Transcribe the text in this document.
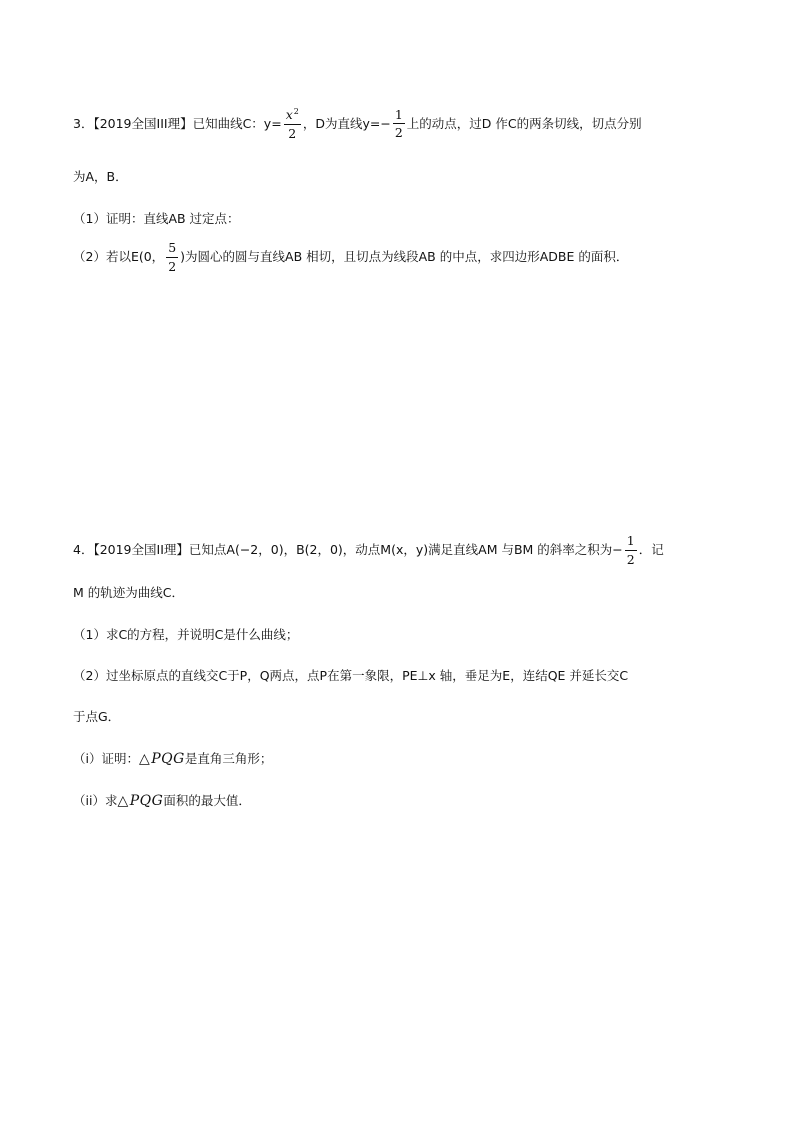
3．【2019全国III理】已知曲线C：$y= \frac{x^2}{2}$ ，D为直线$y=- \frac{1}{2}$ 上的动点，过D 作C的两条切线，切点分别
为A，B．
（1）证明：直线AB 过定点：
（2）若以E(0， $\frac{5}{2}$ )为圆心的圆与直线AB 相切，且切点为线段AB 的中点，求四边形ADBE 的面积．
4．【2019全国II理】已知点A(−2，0)，B(2，0)，动点M(x，y)满足直线AM 与BM 的斜率之积为− $\frac{1}{2}$ ．记
M 的轨迹为曲线C．
（1）求C的方程，并说明C是什么曲线；
（2）过坐标原点的直线交C于P，Q两点，点P在第一象限，PE⊥x 轴，垂足为E，连结QE 并延长交C
于点G．
（i）证明： △PQG 是直角三角形；
（ii）求 △PQG 面积的最大值．
